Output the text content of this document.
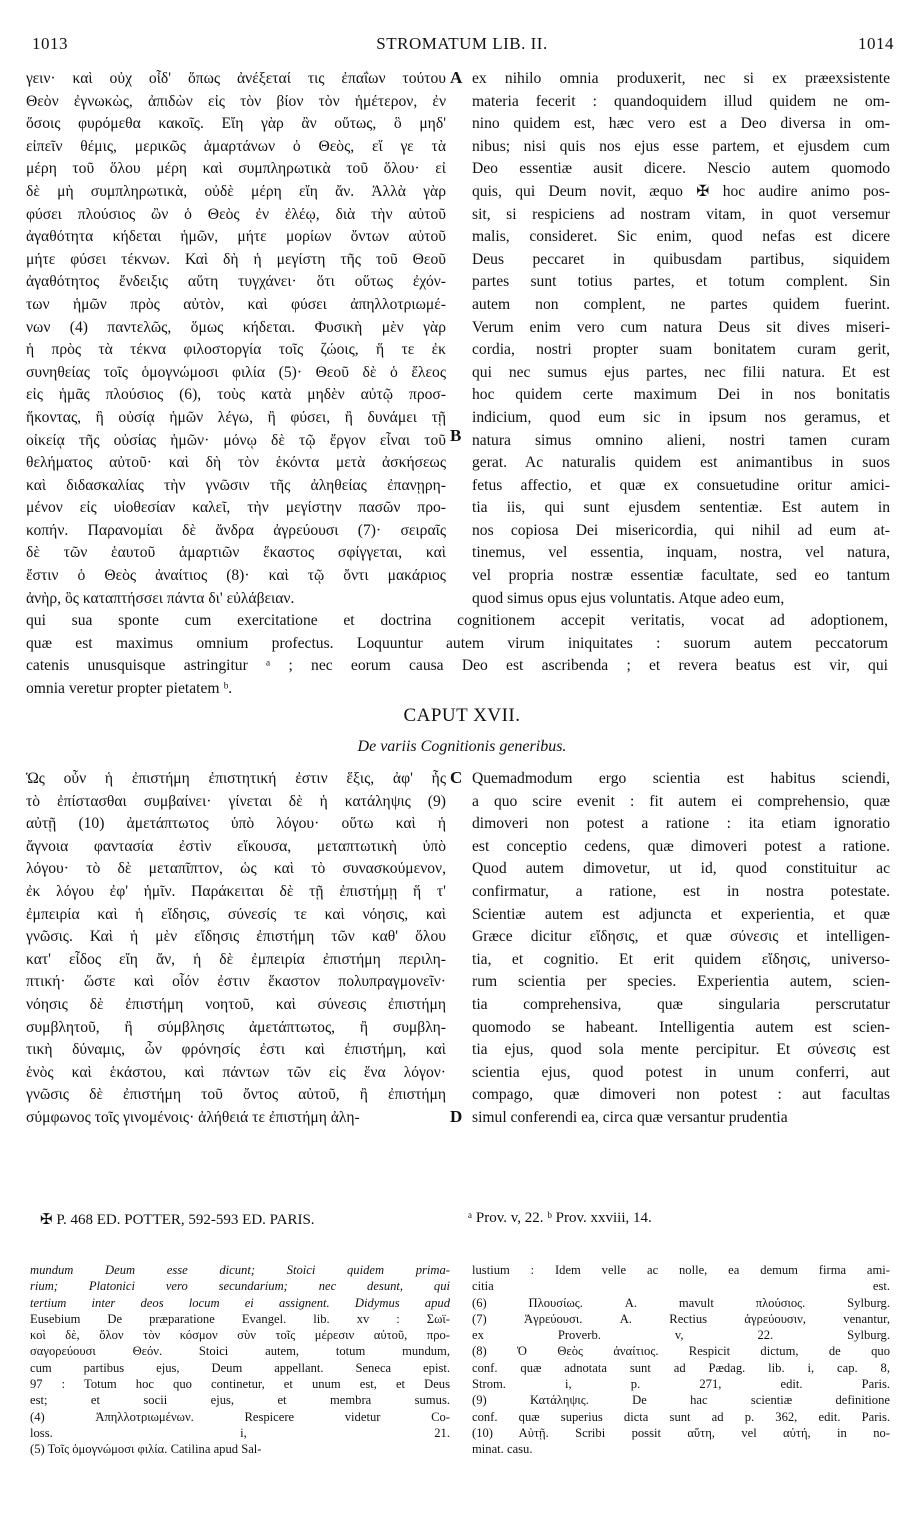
1013	STROMATUM LIB. II.	1014
γειν· καὶ οὐχ οἶδ' ὅπως ἀνέξεταί τις ἐπαΐων τούτου
Θεὸν ἐγνωκὼς, ἀπιδὼν εἰς τὸν βίον τὸν ἡμέτερον, ἐν
ὅσοις φυρόμεθα κακοῖς. Εἴη γὰρ ἂν οὕτως, ὃ μηδ'
εἰπεῖν θέμις, μερικῶς ἁμαρτάνων ὁ Θεὸς, εἴ γε τὰ
μέρη τοῦ ὅλου μέρη καὶ συμπληρωτικὰ τοῦ ὅλου· εἰ
δὲ μὴ συμπληρωτικὰ, οὐδὲ μέρη εἴη ἄν. Ἀλλὰ γὰρ
φύσει πλούσιος ὢν ὁ Θεὸς ἐν ἐλέῳ, διὰ τὴν αὐτοῦ
ἀγαθότητα κήδεται ἡμῶν, μήτε μορίων ὄντων αὐτοῦ
μήτε φύσει τέκνων. Καὶ δὴ ἡ μεγίστη τῆς τοῦ Θεοῦ
ἀγαθότητος ἔνδειξις αὕτη τυγχάνει· ὅτι οὕτως ἐχόν-
των ἡμῶν πρὸς αὐτὸν, καὶ φύσει ἀπηλλοτριωμέ-
νων (4) παντελῶς, ὅμως κήδεται. Φυσικὴ μὲν γὰρ
ἡ πρὸς τὰ τέκνα φιλοστοργία τοῖς ζώοις, ἥ τε ἐκ
συνηθείας τοῖς ὁμογνώμοσι φιλία (5)· Θεοῦ δὲ ὁ ἔλεος
εἰς ἡμᾶς πλούσιος (6), τοὺς κατὰ μηδὲν αὐτῷ προσ-
ἥκοντας, ἢ οὐσίᾳ ἡμῶν λέγω, ἢ φύσει, ἢ δυνάμει τῇ
οἰκείᾳ τῆς οὐσίας ἡμῶν· μόνῳ δὲ τῷ ἔργον εἶναι τοῦ
θελήματος αὐτοῦ· καὶ δὴ τὸν ἑκόντα μετὰ ἀσκήσεως
καὶ διδασκαλίας τὴν γνῶσιν τῆς ἀληθείας ἐπανῃρη-
μένον εἰς υἱοθεσίαν καλεῖ, τὴν μεγίστην πασῶν προ-
κοπήν. Παρανομίαι δὲ ἄνδρα ἀγρεύουσι (7)· σειραῖς
δὲ τῶν ἑαυτοῦ ἁμαρτιῶν ἕκαστος σφίγγεται, καὶ
ἔστιν ὁ Θεὸς ἀναίτιος (8)· καὶ τῷ ὄντι μακάριος
ἀνὴρ, ὃς καταπτήσσει πάντα δι' εὐλάβειαν.
A
B
ex nihilo omnia produxerit, nec si ex præexsistente
materia fecerit : quandoquidem illud quidem ne om-
nino quidem est, hæc vero est a Deo diversa in om-
nibus; nisi quis nos ejus esse partem, et ejusdem cum
Deo essentiæ ausit dicere. Nescio autem quomodo
quis, qui Deum novit, æquo ✠ hoc audire animo pos-
sit, si respiciens ad nostram vitam, in quot versemur
malis, consideret. Sic enim, quod nefas est dicere
Deus peccaret in quibusdam partibus, siquidem
partes sunt totius partes, et totum complent. Sin
autem non complent, ne partes quidem fuerint.
Verum enim vero cum natura Deus sit dives miseri-
cordia, nostri propter suam bonitatem curam gerit,
qui nec sumus ejus partes, nec filii natura. Et est
hoc quidem certe maximum Dei in nos bonitatis
indicium, quod eum sic in ipsum nos geramus, et
natura simus omnino alieni, nostri tamen curam
gerat. Ac naturalis quidem est animantibus in suos
fetus affectio, et quæ ex consuetudine oritur amici-
tia iis, qui sunt ejusdem sententiæ. Est autem in
nos copiosa Dei misericordia, qui nihil ad eum at-
tinemus, vel essentia, inquam, nostra, vel natura,
vel propria nostræ essentiæ facultate, sed eo tantum
quod simus opus ejus voluntatis. Atque adeo eum,
qui sua sponte cum exercitatione et doctrina cognitionem accepit veritatis, vocat ad adoptionem,
quæ est maximus omnium profectus. Loquuntur autem virum iniquitates : suorum autem peccatorum
catenis unusquisque astringitur ᵃ ; nec eorum causa Deo est ascribenda ; et revera beatus est vir, qui
omnia veretur propter pietatem ᵇ.
CAPUT XVII.
De variis Cognitionis generibus.
Ὡς οὖν ἡ ἐπιστήμη ἐπιστητική ἐστιν ἕξις, ἀφ' ἧς
τὸ ἐπίστασθαι συμβαίνει· γίνεται δὲ ἡ κατάληψις (9)
αὐτῇ (10) ἀμετάπτωτος ὑπὸ λόγου· οὕτω καὶ ἡ
ἄγνοια φαντασία ἐστὶν εἴκουσα, μεταπτωτικὴ ὑπὸ
λόγου· τὸ δὲ μεταπῖπτον, ὡς καὶ τὸ συνασκούμενον,
ἐκ λόγου ἐφ' ἡμῖν. Παράκειται δὲ τῇ ἐπιστήμῃ ἥ τ'
ἐμπειρία καὶ ἡ εἴδησις, σύνεσίς τε καὶ νόησις, καὶ
γνῶσις. Καὶ ἡ μὲν εἴδησις ἐπιστήμη τῶν καθ' ὅλου
κατ' εἶδος εἴη ἄν, ἡ δὲ ἐμπειρία ἐπιστήμη περιλη-
πτική· ὥστε καὶ οἷόν ἐστιν ἕκαστον πολυπραγμονεῖν·
νόησις δὲ ἐπιστήμη νοητοῦ, καὶ σύνεσις ἐπιστήμη
συμβλητοῦ, ἢ σύμβλησις ἀμετάπτωτος, ἢ συμβλη-
τικὴ δύναμις, ὧν φρόνησίς ἐστι καὶ ἐπιστήμη, καὶ
ἑνὸς καὶ ἑκάστου, καὶ πάντων τῶν εἰς ἕνα λόγον·
γνῶσις δὲ ἐπιστήμη τοῦ ὄντος αὐτοῦ, ἢ ἐπιστήμη
σύμφωνος τοῖς γινομένοις· ἀλήθειά τε ἐπιστήμη ἀλη-
C
D
Quemadmodum ergo scientia est habitus sciendi,
a quo scire evenit : fit autem ei comprehensio, quæ
dimoveri non potest a ratione : ita etiam ignoratio
est conceptio cedens, quæ dimoveri potest a ratione.
Quod autem dimovetur, ut id, quod constituitur ac
confirmatur, a ratione, est in nostra potestate.
Scientiæ autem est adjuncta et experientia, et quæ
Græce dicitur εἴδησις, et quæ σύνεσις et intelligen-
tia, et cognitio. Et erit quidem εἴδησις, universo-
rum scientia per species. Experientia autem, scien-
tia comprehensiva, quæ singularia perscrutatur
quomodo se habeant. Intelligentia autem est scien-
tia ejus, quod sola mente percipitur. Et σύνεσις est
scientia ejus, quod potest in unum conferri, aut
compago, quæ dimoveri non potest : aut facultas
simul conferendi ea, circa quæ versantur prudentia
✠ P. 468 ED. POTTER, 592-593 ED. PARIS.	ᵃ Prov. v, 22. ᵇ Prov. xxviii, 14.
mundum Deum esse dicunt; Stoici quidem prima-
rium; Platonici vero secundarium; nec desunt, qui
tertium inter deos locum ei assignent. Didymus apud
Eusebium De præparatione Evangel. lib. xv : Σωϊ-
κοὶ δὲ, ὅλον τὸν κόσμον σὺν τοῖς μέρεσιν αὐτοῦ, προ-
σαγορεύουσι Θεόν. Stoici autem, totum mundum,
cum partibus ejus, Deum appellant. Seneca epist.
97 : Totum hoc quo continetur, et unum est, et Deus
est; et socii ejus, et membra sumus.
(4) Ἀπηλλοτριωμένων. Respicere videtur Co-
loss. i, 21.
(5) Τοῖς ὁμογνώμοσι φιλία. Catilina apud Sal-
lustium : Idem velle ac nolle, ea demum firma ami-
citia est.
(6) Πλουσίως. A. mavult πλούσιος. Sylburg.
(7) Ἀγρεύουσι. A. Rectius ἀγρεύουσιν, venantur,
ex Proverb. v, 22. Sylburg.
(8) Ὁ Θεὸς ἀναίτιος. Respicit dictum, de quo
conf. quæ adnotata sunt ad Pædag. lib. i, cap. 8,
Strom. i, p. 271, edit. Paris.
(9) Κατάληψις. De hac scientiæ definitione
conf. quæ superius dicta sunt ad p. 362, edit. Paris.
(10) Αὐτῇ. Scribi possit αὕτη, vel αὐτή, in no-
minat. casu.
